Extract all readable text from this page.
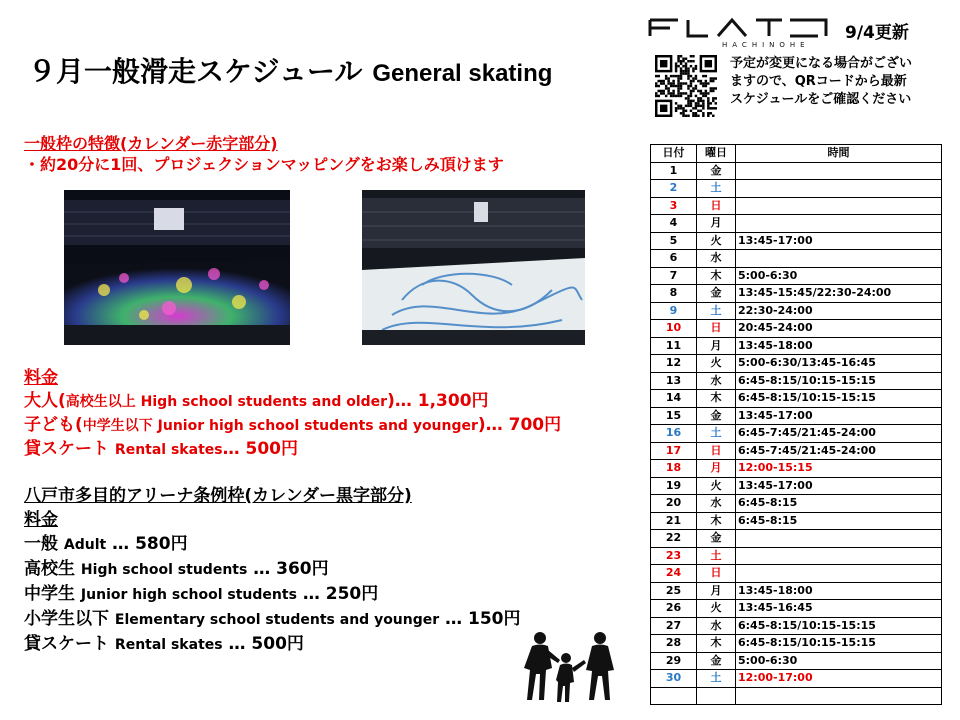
HACHINOHE
9/4更新
予定が変更になる場合がござい
ますので、QRコードから最新
スケジュールをご確認ください
９月一般滑走スケジュール General skating
一般枠の特徴(カレンダー赤字部分)
・約20分に1回、プロジェクションマッピングをお楽しみ頂けます
料金
大人(高校生以上 High school students and older)… 1,300円
子ども(中学生以下 Junior high school students and younger)… 700円
貸スケート Rental skates… 500円
八戸市多目的アリーナ条例枠(カレンダー黒字部分)
料金
一般 Adult … 580円
高校生 High school students … 360円
中学生 Junior high school students … 250円
小学生以下 Elementary school students and younger … 150円
貸スケート Rental skates … 500円
日付	曜日	時間
1	金	
2	土	
3	日	
4	月	
5	火	13:45-17:00
6	水	
7	木	5:00-6:30
8	金	13:45-15:45/22:30-24:00
9	土	22:30-24:00
10	日	20:45-24:00
11	月	13:45-18:00
12	火	5:00-6:30/13:45-16:45
13	水	6:45-8:15/10:15-15:15
14	木	6:45-8:15/10:15-15:15
15	金	13:45-17:00
16	土	6:45-7:45/21:45-24:00
17	日	6:45-7:45/21:45-24:00
18	月	12:00-15:15
19	火	13:45-17:00
20	水	6:45-8:15
21	木	6:45-8:15
22	金	
23	土	
24	日	
25	月	13:45-18:00
26	火	13:45-16:45
27	水	6:45-8:15/10:15-15:15
28	木	6:45-8:15/10:15-15:15
29	金	5:00-6:30
30	土	12:00-17:00
